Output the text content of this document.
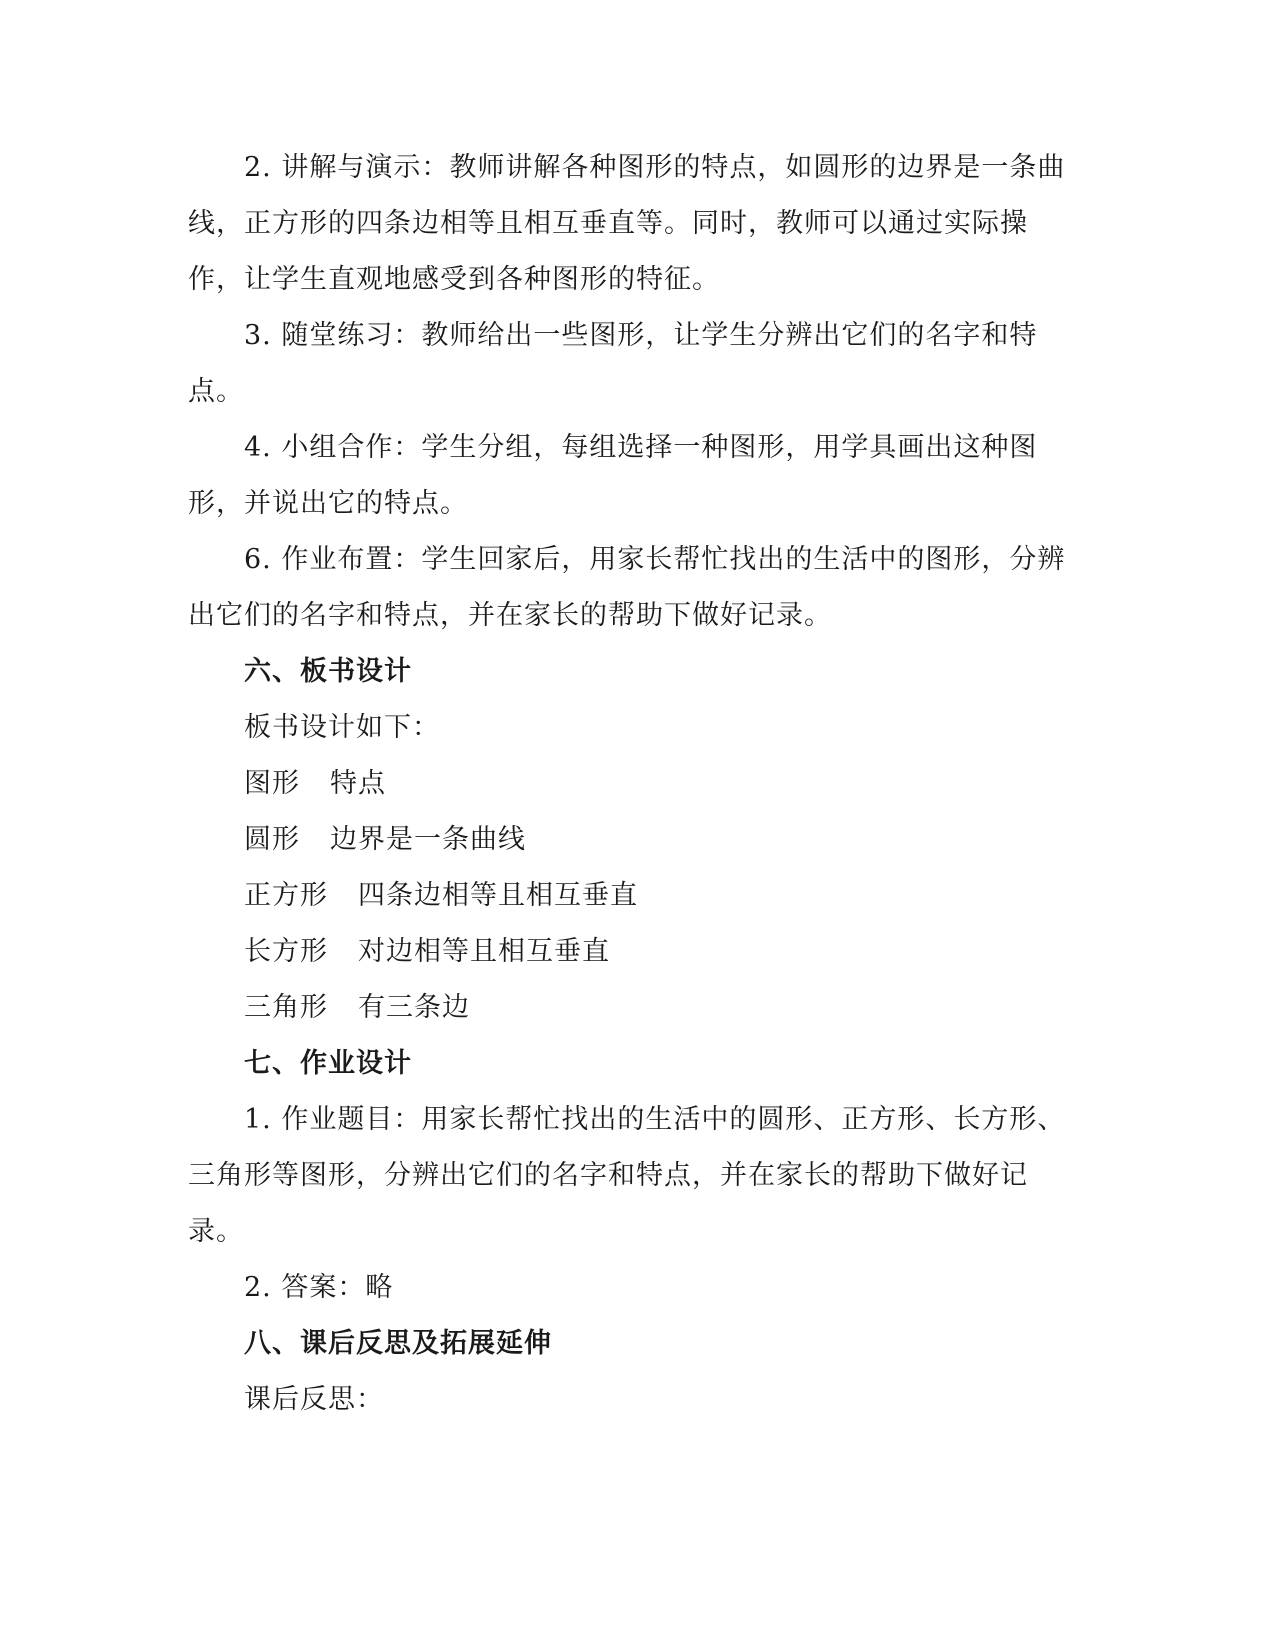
2. 讲解与演示：教师讲解各种图形的特点，如圆形的边界是一条曲线，正方形的四条边相等且相互垂直等。同时，教师可以通过实际操作，让学生直观地感受到各种图形的特征。

3. 随堂练习：教师给出一些图形，让学生分辨出它们的名字和特点。

4. 小组合作：学生分组，每组选择一种图形，用学具画出这种图形，并说出它的特点。

6. 作业布置：学生回家后，用家长帮忙找出的生活中的图形，分辨出它们的名字和特点，并在家长的帮助下做好记录。

六、板书设计

板书设计如下：

图形 特点

圆形 边界是一条曲线

正方形 四条边相等且相互垂直

长方形 对边相等且相互垂直

三角形 有三条边

七、作业设计

1. 作业题目：用家长帮忙找出的生活中的圆形、正方形、长方形、三角形等图形，分辨出它们的名字和特点，并在家长的帮助下做好记录。

2. 答案：略

八、课后反思及拓展延伸

课后反思：
